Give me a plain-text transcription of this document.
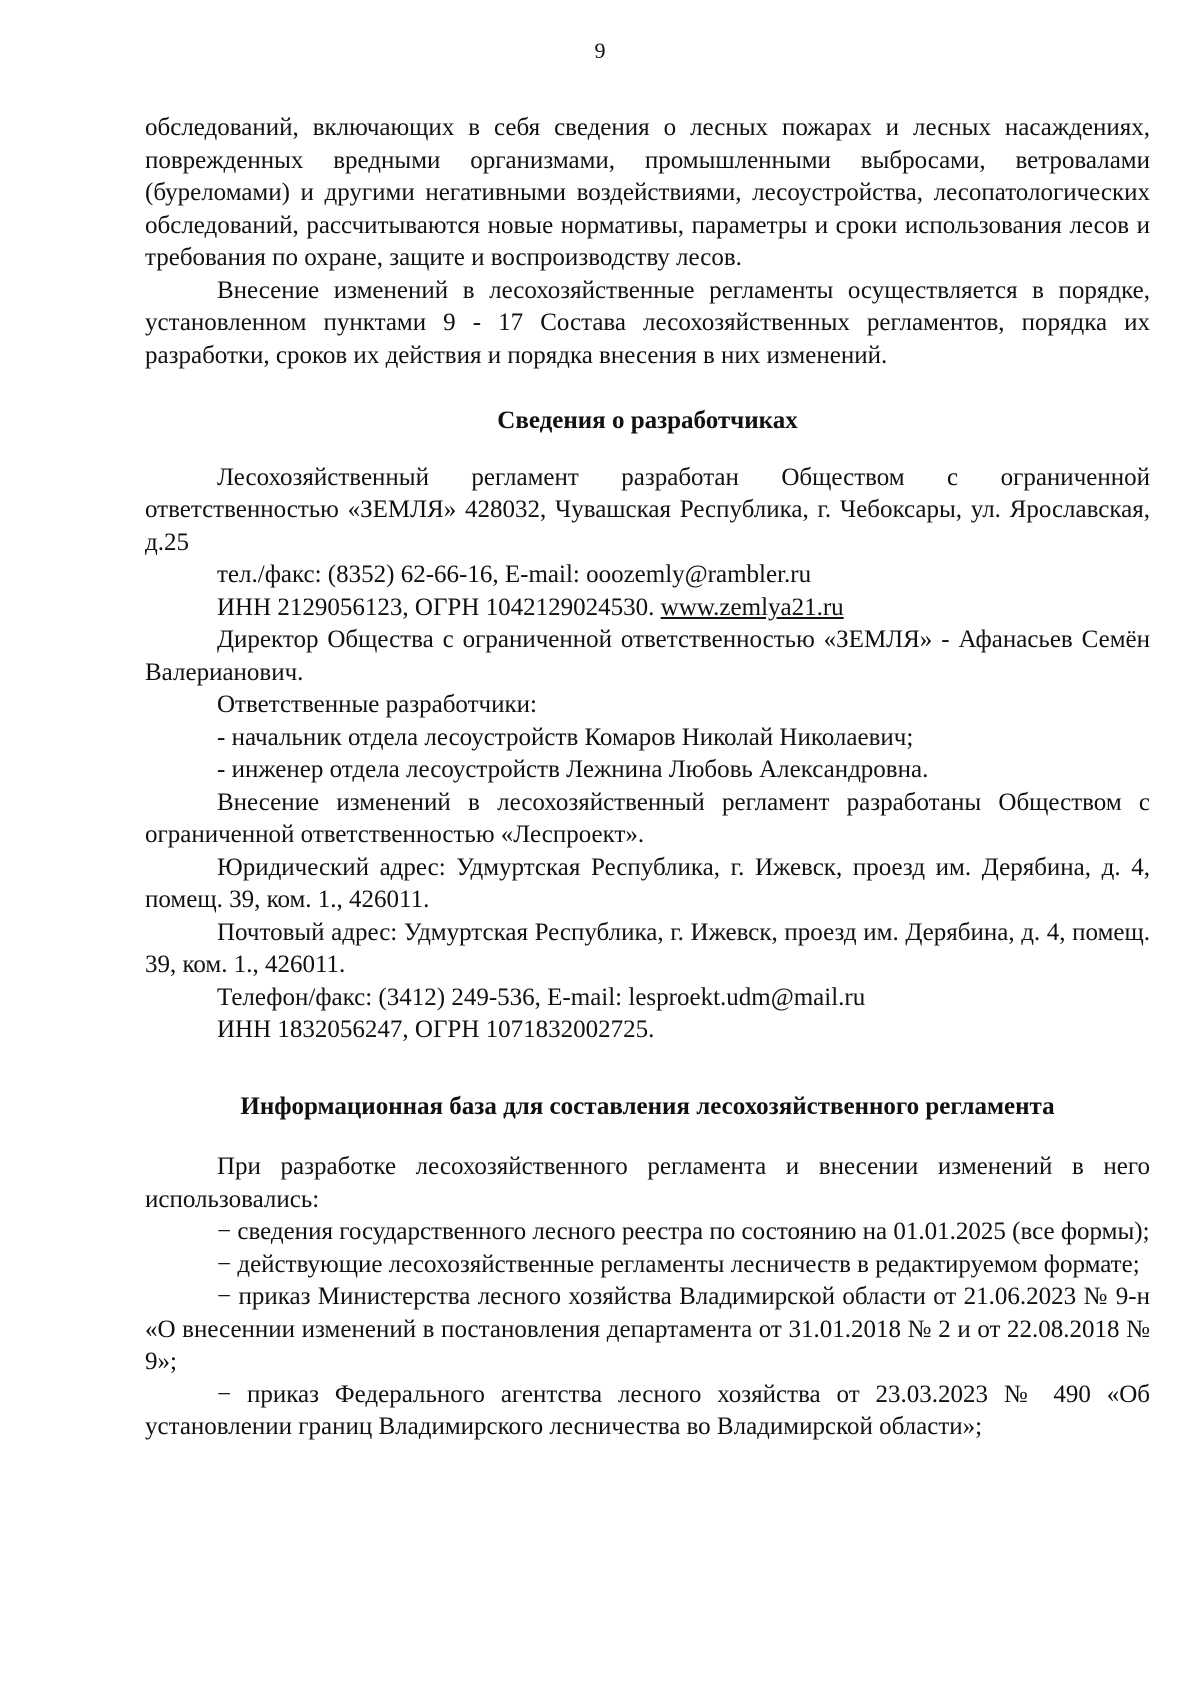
9

обследований, включающих в себя сведения о лесных пожарах и лесных насаждениях, поврежденных вредными организмами, промышленными выбросами, ветровалами (буреломами) и другими негативными воздействиями, лесоустройства, лесопатологических обследований, рассчитываются новые нормативы, параметры и сроки использования лесов и требования по охране, защите и воспроизводству лесов.

Внесение изменений в лесохозяйственные регламенты осуществляется в порядке, установленном пунктами 9 - 17 Состава лесохозяйственных регламентов, порядка их разработки, сроков их действия и порядка внесения в них изменений.

Сведения о разработчиках

Лесохозяйственный регламент разработан Обществом с ограниченной ответственностью «ЗЕМЛЯ» 428032, Чувашская Республика, г. Чебоксары, ул. Ярославская, д.25

тел./факс: (8352) 62-66-16, E-mail: ooozemly@rambler.ru

ИНН 2129056123, ОГРН 1042129024530. www.zemlya21.ru

Директор Общества с ограниченной ответственностью «ЗЕМЛЯ» - Афанасьев Семён Валерианович.

Ответственные разработчики:

- начальник отдела лесоустройств Комаров Николай Николаевич;

- инженер отдела лесоустройств Лежнина Любовь Александровна.

Внесение изменений в лесохозяйственный регламент разработаны Обществом с ограниченной ответственностью «Леспроект».

Юридический адрес: Удмуртская Республика, г. Ижевск, проезд им. Дерябина, д. 4, помещ. 39, ком. 1., 426011.

Почтовый адрес: Удмуртская Республика, г. Ижевск, проезд им. Дерябина, д. 4, помещ. 39, ком. 1., 426011.

Телефон/факс: (3412) 249-536, E-mail: lesproekt.udm@mail.ru

ИНН 1832056247, ОГРН 1071832002725.

Информационная база для составления лесохозяйственного регламента

При разработке лесохозяйственного регламента и внесении изменений в него использовались:

− сведения государственного лесного реестра по состоянию на 01.01.2025 (все формы);

− действующие лесохозяйственные регламенты лесничеств в редактируемом формате;

− приказ Министерства лесного хозяйства Владимирской области от 21.06.2023 № 9-н «О внесеннии изменений в постановления департамента от 31.01.2018 № 2 и от 22.08.2018 № 9»;

− приказ Федерального агентства лесного хозяйства от 23.03.2023 № 490 «Об установлении границ Владимирского лесничества во Владимирской области»;
